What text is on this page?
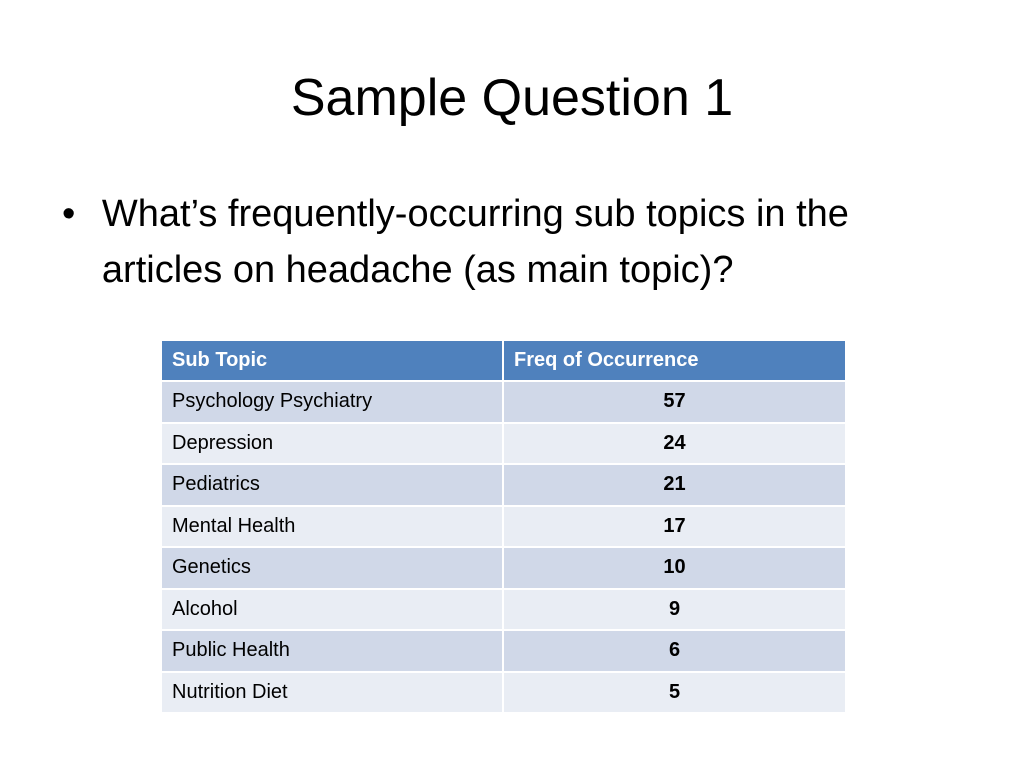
Sample Question 1
• What’s frequently-occurring sub topics in the articles on headache (as main topic)?
Sub Topic	Freq of Occurrence
Psychology Psychiatry	57
Depression	24
Pediatrics	21
Mental Health	17
Genetics	10
Alcohol	9
Public Health	6
Nutrition Diet	5
